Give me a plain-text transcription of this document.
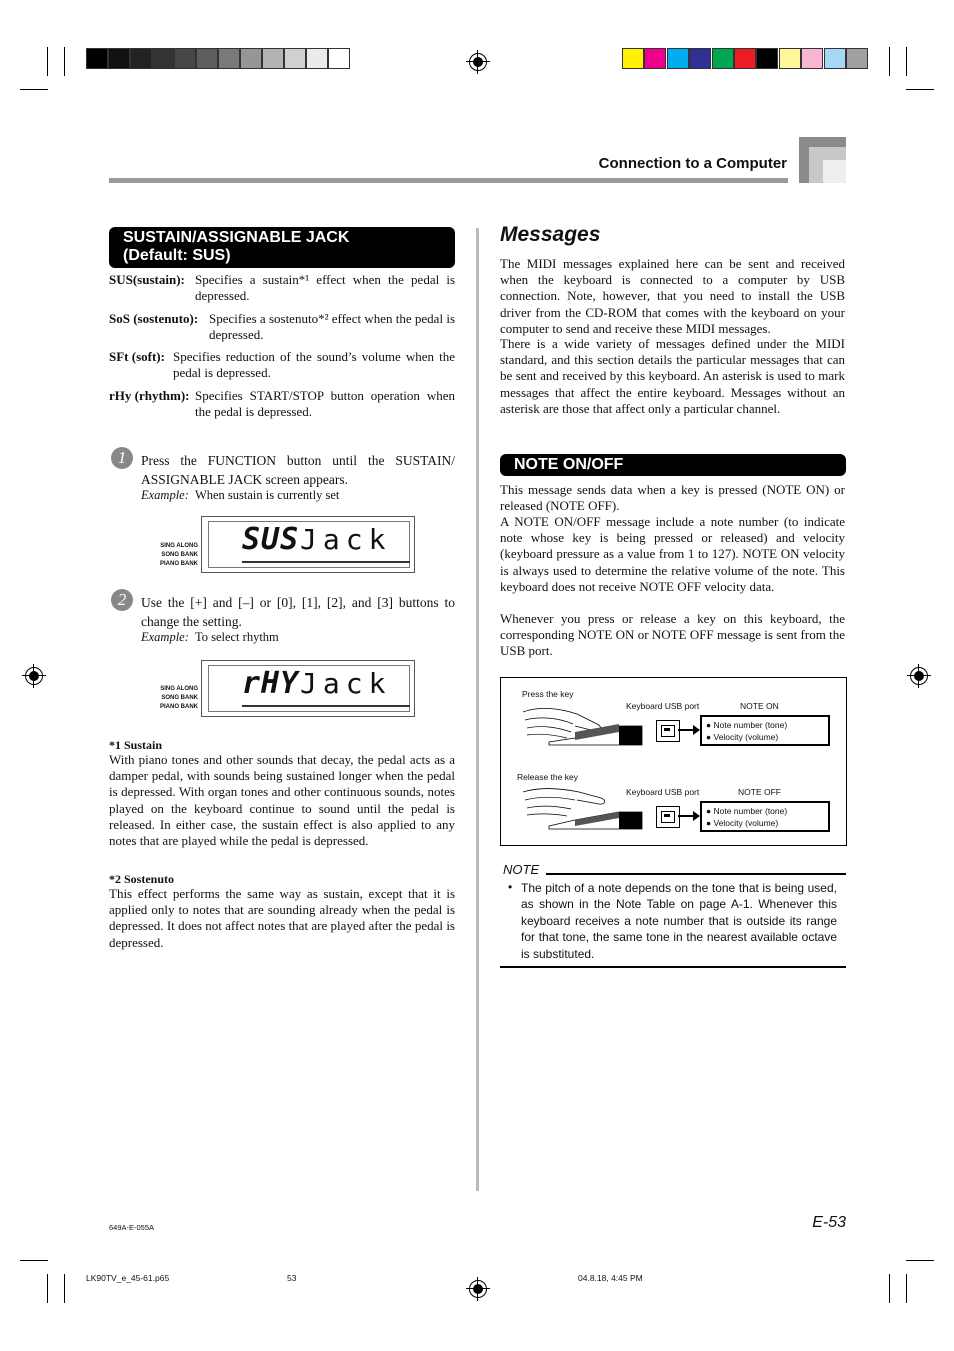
Connection to a Computer
SUSTAIN/ASSIGNABLE JACK
(Default: SUS)
SUS(sustain): Specifies a sustain*¹ effect when the pedal is depressed.
SoS (sostenuto): Specifies a sostenuto*² effect when the pedal is depressed.
SFt (soft): Specifies reduction of the sound’s volume when the pedal is depressed.
rHy (rhythm): Specifies START/STOP button operation when the pedal is depressed.
1	Press the FUNCTION button until the SUSTAIN/ ASSIGNABLE JACK screen appears.

Example: When sustain is currently set
SING ALONG
SONG BANK
PIANO BANK
SUS Jack
2	Use the [+] and [–] or [0], [1], [2], and [3] buttons to change the setting.

Example: To select rhythm
SING ALONG
SONG BANK
PIANO BANK
rHY Jack
*1 Sustain

With piano tones and other sounds that decay, the pedal acts as a damper pedal, with sounds being sustained longer when the pedal is depressed. With organ tones and other continuous sounds, notes played on the keyboard continue to sound until the pedal is released. In either case, the sustain effect is also applied to any notes that are played while the pedal is depressed.

*2 Sostenuto

This effect performs the same way as sustain, except that it is applied only to notes that are sounding already when the pedal is depressed. It does not affect notes that are played after the pedal is depressed.

Messages

The MIDI messages explained here can be sent and received when the keyboard is connected to a computer by USB connection. Note, however, that you need to install the USB driver from the CD-ROM that comes with the keyboard on your computer to send and receive these MIDI messages.

There is a wide variety of messages defined under the MIDI standard, and this section details the particular messages that can be sent and received by this keyboard. An asterisk is used to mark messages that affect the entire keyboard. Messages without an asterisk are those that affect only a particular channel.

NOTE ON/OFF

This message sends data when a key is pressed (NOTE ON) or released (NOTE OFF).

A NOTE ON/OFF message include a note number (to indicate note whose key is being pressed or released) and velocity (keyboard pressure as a value from 1 to 127). NOTE ON velocity is always used to determine the relative volume of the note. This keyboard does not receive NOTE OFF velocity data.

Whenever you press or release a key on this keyboard, the corresponding NOTE ON or NOTE OFF message is sent from the USB port.

Press the key
Keyboard USB port	NOTE ON
● Note number (tone)
● Velocity (volume)
Release the key
Keyboard USB port	NOTE OFF
● Note number (tone)
● Velocity (volume)
NOTE
• The pitch of a note depends on the tone that is being used, as shown in the Note Table on page A-1. Whenever this keyboard receives a note number that is outside its range for that tone, the same tone in the nearest available octave is substituted.

E-53
649A-E-055A
LK90TV_e_45-61.p65	53	04.8.18, 4:45 PM
